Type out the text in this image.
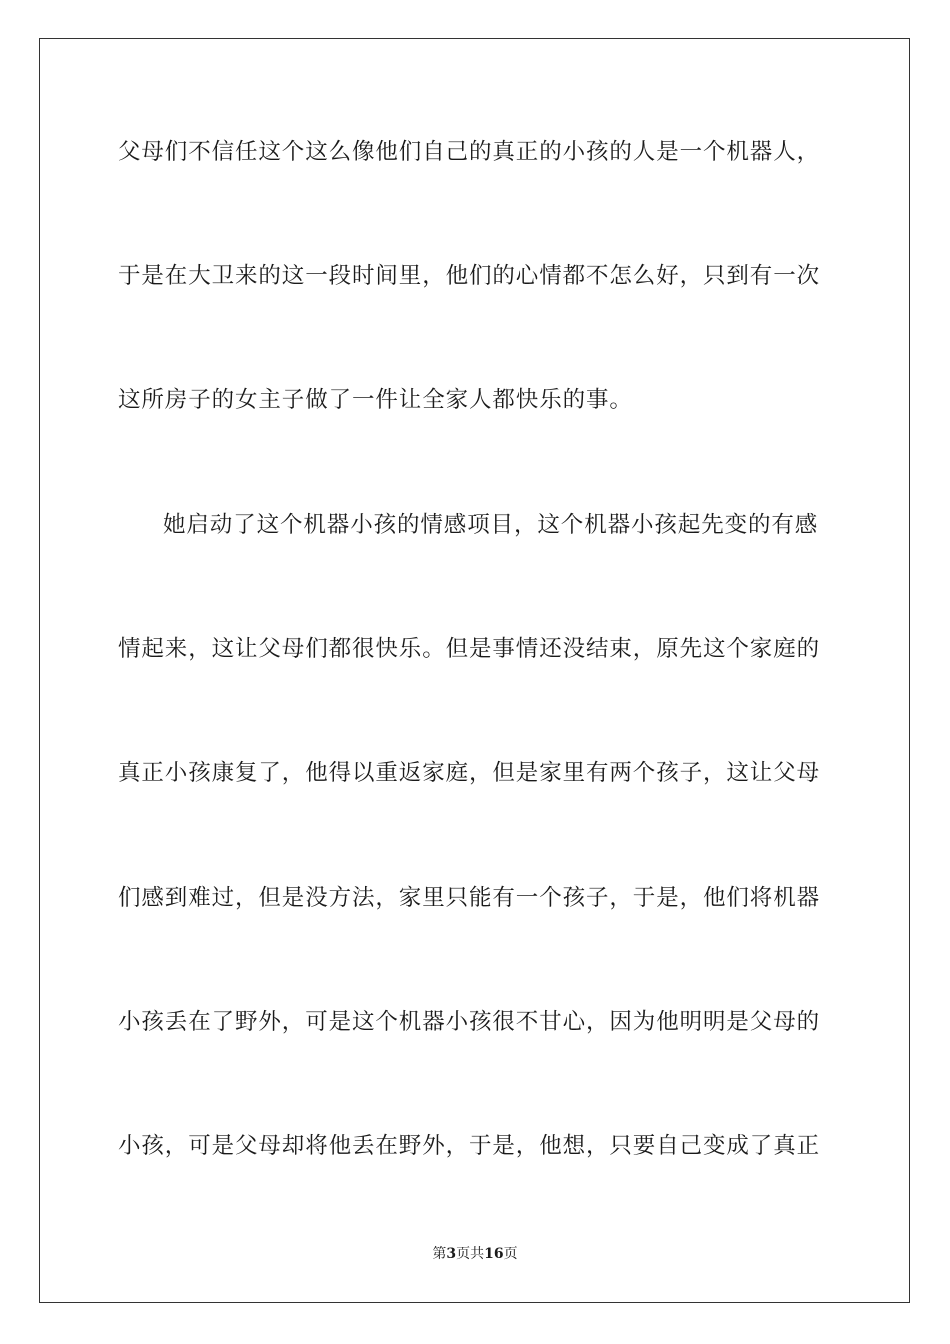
父母们不信任这个这么像他们自己的真正的小孩的人是一个机器人，
于是在大卫来的这一段时间里，他们的心情都不怎么好，只到有一次
这所房子的女主子做了一件让全家人都快乐的事。
她启动了这个机器小孩的情感项目，这个机器小孩起先变的有感
情起来，这让父母们都很快乐。但是事情还没结束，原先这个家庭的
真正小孩康复了，他得以重返家庭，但是家里有两个孩子，这让父母
们感到难过，但是没方法，家里只能有一个孩子，于是，他们将机器
小孩丢在了野外，可是这个机器小孩很不甘心，因为他明明是父母的
小孩，可是父母却将他丢在野外，于是，他想，只要自己变成了真正
第3页共16页
